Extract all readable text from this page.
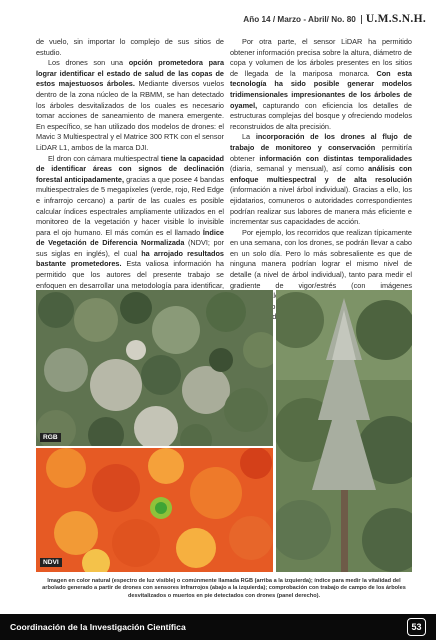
Año 14 / Marzo - Abril/ No. 80 U.M.S.N.H.

de vuelo, sin importar lo complejo de sus sitios de estudio.

Los drones son una opción prometedora para lograr identificar el estado de salud de las copas de estos majestuosos árboles. Mediante diversos vuelos dentro de la zona núcleo de la RBMM, se han detectado los árboles desvitalizados de los cuales es necesario tomar acciones de saneamiento de manera emergente. En específico, se han utilizado dos modelos de drones: el Mavic 3 Multiespectral y el Matrice 300 RTK con el sensor LiDAR L1, ambos de la marca DJI.

El dron con cámara multiespectral tiene la capacidad de identificar áreas con signos de declinación forestal anticipadamente, gracias a que posee 4 bandas multiespectrales de 5 megapíxeles (verde, rojo, Red Edge e infrarrojo cercano) a partir de las cuales es posible calcular índices espectrales ampliamente utilizados en el monitoreo de la vegetación y hacer visible lo invisible para el ojo humano. El más común es el llamado Índice de Vegetación de Diferencia Normalizada (NDVI; por sus siglas en inglés), el cual ha arrojado resultados bastante prometedores. Esta valiosa información ha permitido que los autores del presente trabajo se enfoquen en desarrollar una metodología para identificar,

Por otra parte, el sensor LiDAR ha permitido obtener información precisa sobre la altura, diámetro de copa y volumen de los árboles presentes en los sitios de llegada de la mariposa monarca. Con esta tecnología ha sido posible generar modelos tridimensionales impresionantes de los árboles de oyamel, capturando con eficiencia los detalles de estructuras complejas del bosque y ofreciendo modelos reconstruidos de alta precisión.

La incorporación de los drones al flujo de trabajo de monitoreo y conservación permitiría obtener información con distintas temporalidades (diaria, semanal y mensual), así como análisis con enfoque multiespectral y de alta resolución (información a nivel árbol individual). Gracias a ello, los ejidatarios, comuneros o autoridades correspondientes podrían realizar sus labores de manera más eficiente e incrementar sus capacidades de acción.

Por ejemplo, los recorridos que realizan típicamente en una semana, con los drones, se podrán llevar a cabo en un solo día. Pero lo más sobresaliente es que de ninguna manera podrían lograr el mismo nivel de detalle (a nivel de árbol individual), tanto para medir el gradiente de vigor/estrés (con imágenes

RGB
NDVI
Imagen en color natural (espectro de luz visible) o comúnmente llamada RGB (arriba a la izquierda); índice para medir la vitalidad del arbolado generado a partir de drones con sensores infrarrojos (abajo a la izquierda); comprobación con trabajo de campo de los árboles desvitalizados o muertos en pie detectados con drones (panel derecho).
Coordinación de la Investigación Científica	53
